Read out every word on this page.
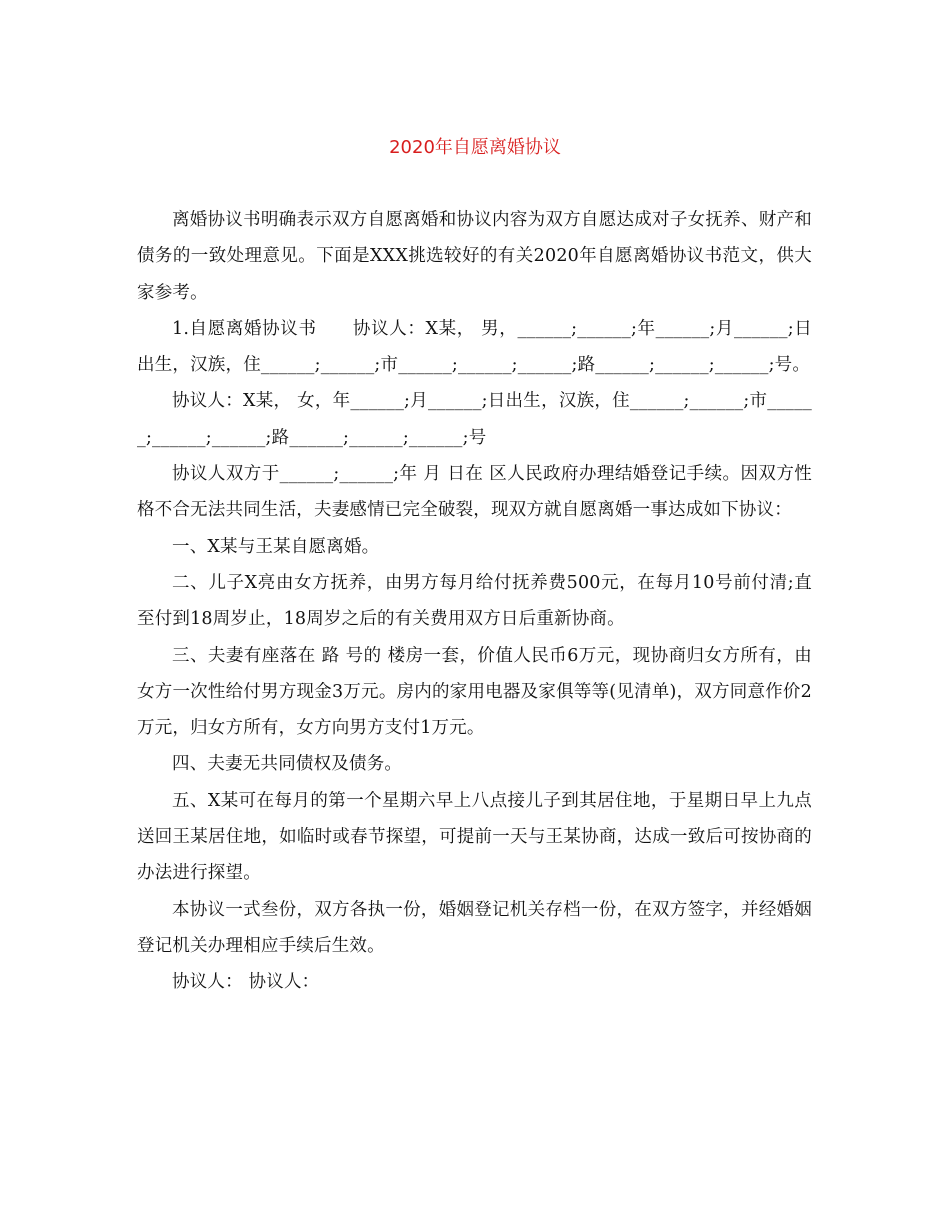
2020年自愿离婚协议

离婚协议书明确表示双方自愿离婚和协议内容为双方自愿达成对子女抚养、财产和债务的一致处理意见。下面是XXX挑选较好的有关2020年自愿离婚协议书范文，供大家参考。

1.自愿离婚协议书　　协议人：X某， 男，______;______;年______;月______;日出生，汉族，住______;______;市______;______;______;路______;______;______;号。

协议人：X某， 女，年______;月______;日出生，汉族，住______;______;市______;______;______;路______;______;______;号

协议人双方于______;______;年 月 日在 区人民政府办理结婚登记手续。因双方性格不合无法共同生活，夫妻感情已完全破裂，现双方就自愿离婚一事达成如下协议：

一、X某与王某自愿离婚。

二、儿子X亮由女方抚养，由男方每月给付抚养费500元，在每月10号前付清;直至付到18周岁止，18周岁之后的有关费用双方日后重新协商。

三、夫妻有座落在 路 号的 楼房一套，价值人民币6万元，现协商归女方所有，由女方一次性给付男方现金3万元。房内的家用电器及家俱等等(见清单)，双方同意作价2万元，归女方所有，女方向男方支付1万元。

四、夫妻无共同债权及债务。

五、X某可在每月的第一个星期六早上八点接儿子到其居住地，于星期日早上九点送回王某居住地，如临时或春节探望，可提前一天与王某协商，达成一致后可按协商的办法进行探望。

本协议一式叁份，双方各执一份，婚姻登记机关存档一份，在双方签字，并经婚姻登记机关办理相应手续后生效。

协议人： 协议人：
